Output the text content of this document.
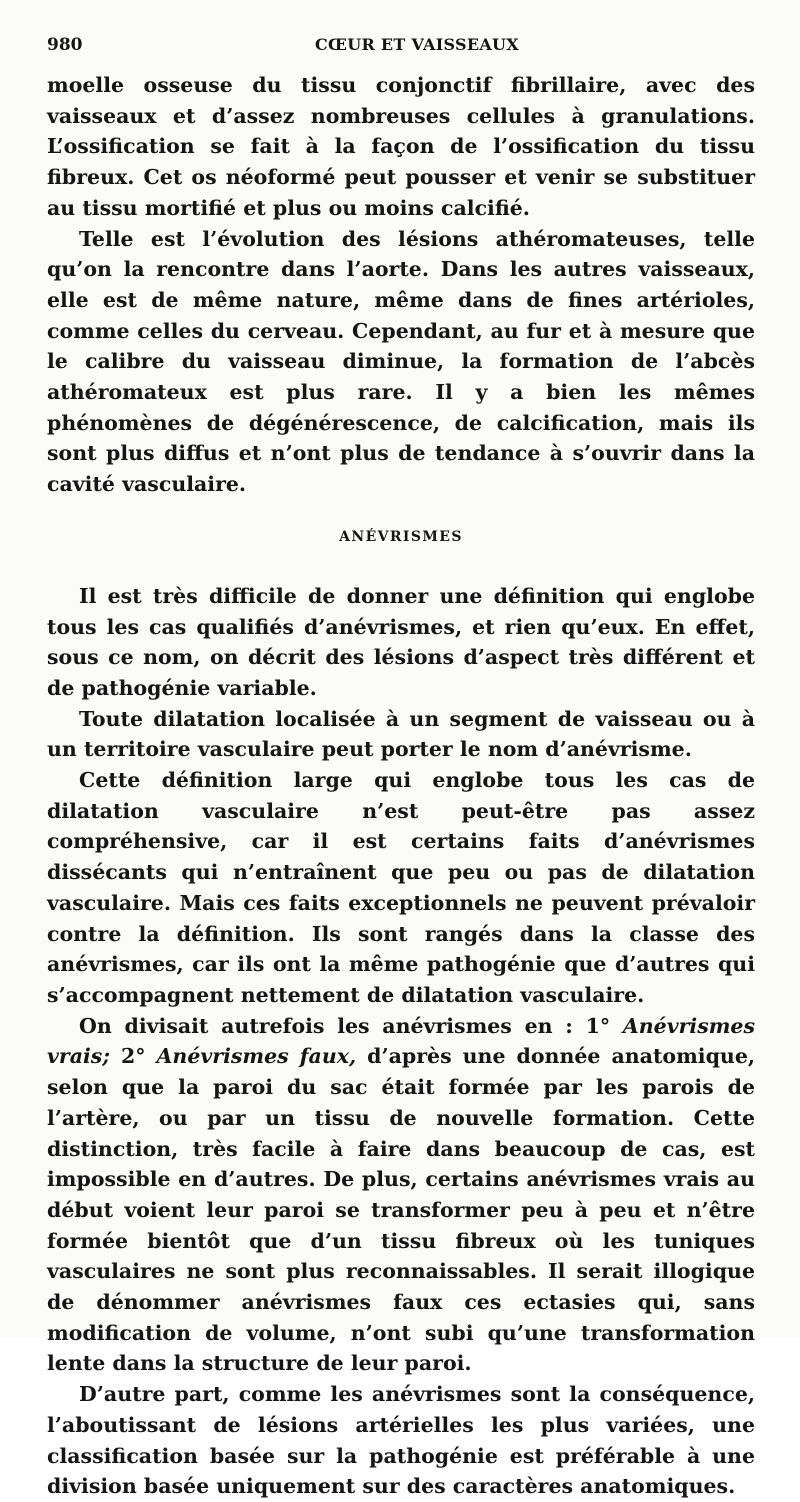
980	CŒUR ET VAISSEAUX

moelle osseuse du tissu conjonctif fibrillaire, avec des vaisseaux et d’assez nombreuses cellules à granulations. L’ossification se fait à la façon de l’ossification du tissu fibreux. Cet os néoformé peut pousser et venir se substituer au tissu mortifié et plus ou moins calcifié.

Telle est l’évolution des lésions athéromateuses, telle qu’on la rencontre dans l’aorte. Dans les autres vaisseaux, elle est de même nature, même dans de fines artérioles, comme celles du cerveau. Cependant, au fur et à mesure que le calibre du vaisseau diminue, la formation de l’abcès athéromateux est plus rare. Il y a bien les mêmes phénomènes de dégénérescence, de calcification, mais ils sont plus diffus et n’ont plus de tendance à s’ouvrir dans la cavité vasculaire.

ANÉVRISMES

Il est très difficile de donner une définition qui englobe tous les cas qualifiés d’anévrismes, et rien qu’eux. En effet, sous ce nom, on décrit des lésions d’aspect très différent et de pathogénie variable.

Toute dilatation localisée à un segment de vaisseau ou à un territoire vasculaire peut porter le nom d’anévrisme.

Cette définition large qui englobe tous les cas de dilatation vasculaire n’est peut-être pas assez compréhensive, car il est certains faits d’anévrismes dissécants qui n’entraînent que peu ou pas de dilatation vasculaire. Mais ces faits exceptionnels ne peuvent prévaloir contre la définition. Ils sont rangés dans la classe des anévrismes, car ils ont la même pathogénie que d’autres qui s’accompagnent nettement de dilatation vasculaire.

On divisait autrefois les anévrismes en : 1° Anévrismes vrais; 2° Anévrismes faux, d’après une donnée anatomique, selon que la paroi du sac était formée par les parois de l’artère, ou par un tissu de nouvelle formation. Cette distinction, très facile à faire dans beaucoup de cas, est impossible en d’autres. De plus, certains anévrismes vrais au début voient leur paroi se transformer peu à peu et n’être formée bientôt que d’un tissu fibreux où les tuniques vasculaires ne sont plus reconnaissables. Il serait illogique de dénommer anévrismes faux ces ectasies qui, sans modification de volume, n’ont subi qu’une transformation lente dans la structure de leur paroi.

D’autre part, comme les anévrismes sont la conséquence, l’aboutissant de lésions artérielles les plus variées, une classification basée sur la pathogénie est préférable à une division basée uniquement sur des caractères anatomiques.
